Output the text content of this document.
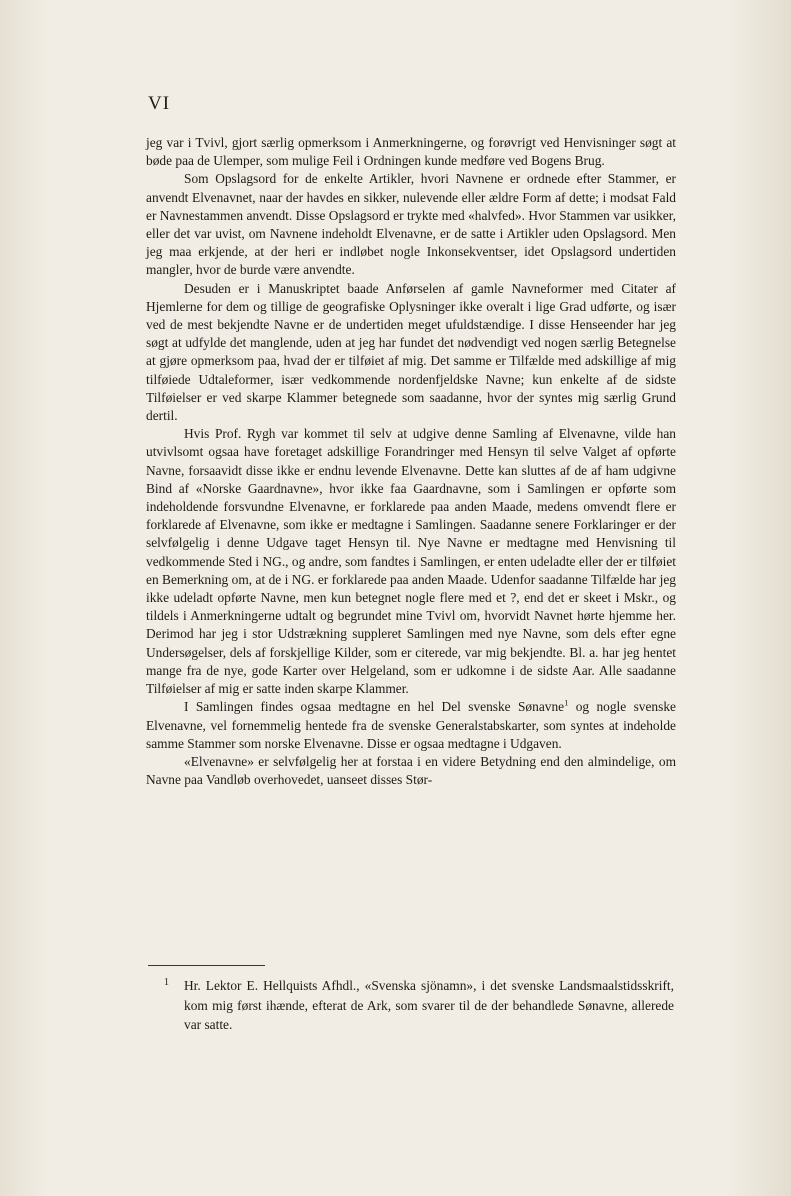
VI

jeg var i Tvivl, gjort særlig opmerksom i Anmerkningerne, og forøvrigt ved Henvisninger søgt at bøde paa de Ulemper, som mulige Feil i Ordningen kunde medføre ved Bogens Brug.

Som Opslagsord for de enkelte Artikler, hvori Navnene er ordnede efter Stammer, er anvendt Elvenavnet, naar der havdes en sikker, nulevende eller ældre Form af dette; i modsat Fald er Navnestammen anvendt. Disse Opslagsord er trykte med «halvfed». Hvor Stammen var usikker, eller det var uvist, om Navnene indeholdt Elvenavne, er de satte i Artikler uden Opslagsord. Men jeg maa erkjende, at der heri er indløbet nogle Inkonsekventser, idet Opslagsord undertiden mangler, hvor de burde være anvendte.

Desuden er i Manuskriptet baade Anførselen af gamle Navneformer med Citater af Hjemlerne for dem og tillige de geografiske Oplysninger ikke overalt i lige Grad udførte, og især ved de mest bekjendte Navne er de undertiden meget ufuldstændige. I disse Henseender har jeg søgt at udfylde det manglende, uden at jeg har fundet det nødvendigt ved nogen særlig Betegnelse at gjøre opmerksom paa, hvad der er tilføiet af mig. Det samme er Tilfælde med adskillige af mig tilføiede Udtaleformer, især vedkommende nordenfjeldske Navne; kun enkelte af de sidste Tilføielser er ved skarpe Klammer betegnede som saadanne, hvor der syntes mig særlig Grund dertil.

Hvis Prof. Rygh var kommet til selv at udgive denne Samling af Elvenavne, vilde han utvivlsomt ogsaa have foretaget adskillige Forandringer med Hensyn til selve Valget af opførte Navne, forsaavidt disse ikke er endnu levende Elvenavne. Dette kan sluttes af de af ham udgivne Bind af «Norske Gaardnavne», hvor ikke faa Gaardnavne, som i Samlingen er opførte som indeholdende forsvundne Elvenavne, er forklarede paa anden Maade, medens omvendt flere er forklarede af Elvenavne, som ikke er medtagne i Samlingen. Saadanne senere Forklaringer er der selvfølgelig i denne Udgave taget Hensyn til. Nye Navne er medtagne med Henvisning til vedkommende Sted i NG., og andre, som fandtes i Samlingen, er enten udeladte eller der er tilføiet en Bemerkning om, at de i NG. er forklarede paa anden Maade. Udenfor saadanne Tilfælde har jeg ikke udeladt opførte Navne, men kun betegnet nogle flere med et ?, end det er skeet i Mskr., og tildels i Anmerkningerne udtalt og begrundet mine Tvivl om, hvorvidt Navnet hørte hjemme her. Derimod har jeg i stor Udstrækning suppleret Samlingen med nye Navne, som dels efter egne Undersøgelser, dels af forskjellige Kilder, som er citerede, var mig bekjendte. Bl. a. har jeg hentet mange fra de nye, gode Karter over Helgeland, som er udkomne i de sidste Aar. Alle saadanne Tilføielser af mig er satte inden skarpe Klammer.

I Samlingen findes ogsaa medtagne en hel Del svenske Sønavne$^1$ og nogle svenske Elvenavne, vel fornemmelig hentede fra de svenske Generalstabskarter, som syntes at indeholde samme Stammer som norske Elvenavne. Disse er ogsaa medtagne i Udgaven.

«Elvenavne» er selvfølgelig her at forstaa i en videre Betydning end den almindelige, om Navne paa Vandløb overhovedet, uanseet disses Stør-

1	Hr. Lektor E. Hellquists Afhdl., «Svenska sjönamn», i det svenske Landsmaalstidsskrift, kom mig først ihænde, efterat de Ark, som svarer til de der behandlede Sønavne, allerede var satte.
